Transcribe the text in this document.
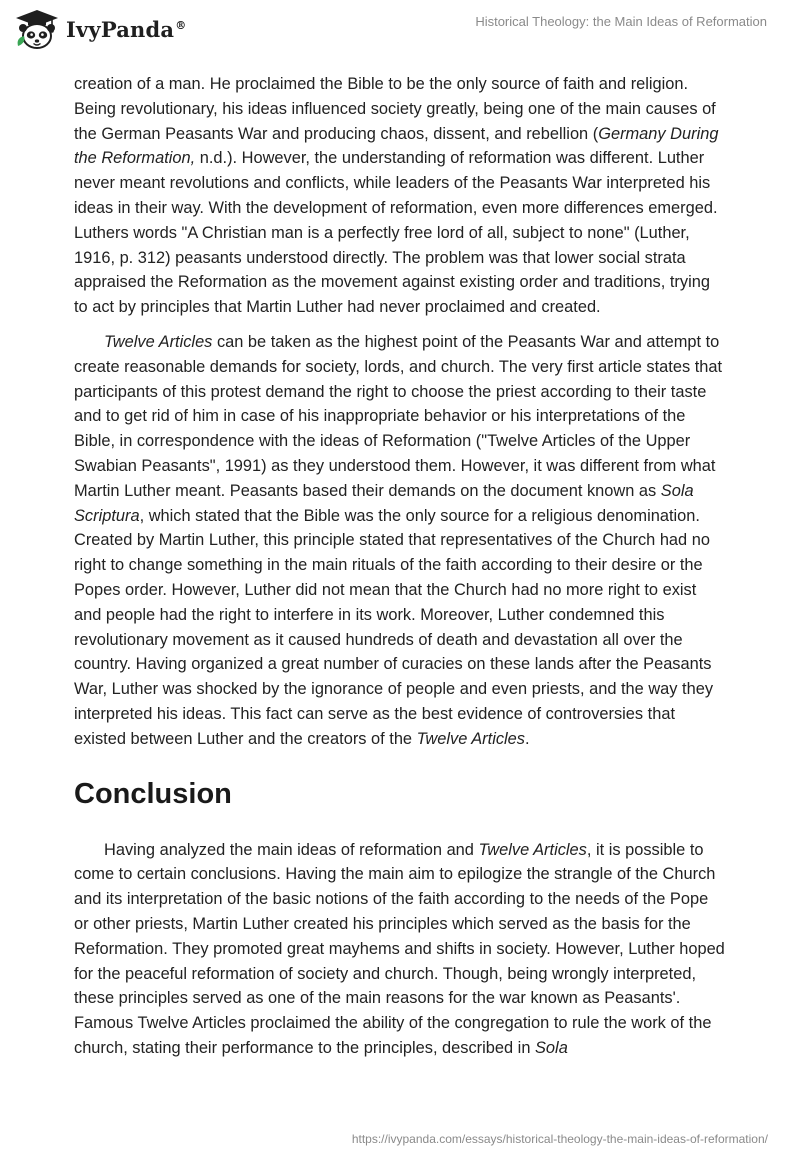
IvyPanda®	Historical Theology: the Main Ideas of Reformation

creation of a man. He proclaimed the Bible to be the only source of faith and religion. Being revolutionary, his ideas influenced society greatly, being one of the main causes of the German Peasants War and producing chaos, dissent, and rebellion (Germany During the Reformation, n.d.). However, the understanding of reformation was different. Luther never meant revolutions and conflicts, while leaders of the Peasants War interpreted his ideas in their way. With the development of reformation, even more differences emerged. Luthers words "A Christian man is a perfectly free lord of all, subject to none" (Luther, 1916, p. 312) peasants understood directly. The problem was that lower social strata appraised the Reformation as the movement against existing order and traditions, trying to act by principles that Martin Luther had never proclaimed and created.

Twelve Articles can be taken as the highest point of the Peasants War and attempt to create reasonable demands for society, lords, and church. The very first article states that participants of this protest demand the right to choose the priest according to their taste and to get rid of him in case of his inappropriate behavior or his interpretations of the Bible, in correspondence with the ideas of Reformation ("Twelve Articles of the Upper Swabian Peasants", 1991) as they understood them. However, it was different from what Martin Luther meant. Peasants based their demands on the document known as Sola Scriptura, which stated that the Bible was the only source for a religious denomination. Created by Martin Luther, this principle stated that representatives of the Church had no right to change something in the main rituals of the faith according to their desire or the Popes order. However, Luther did not mean that the Church had no more right to exist and people had the right to interfere in its work. Moreover, Luther condemned this revolutionary movement as it caused hundreds of death and devastation all over the country. Having organized a great number of curacies on these lands after the Peasants War, Luther was shocked by the ignorance of people and even priests, and the way they interpreted his ideas. This fact can serve as the best evidence of controversies that existed between Luther and the creators of the Twelve Articles.

Conclusion

Having analyzed the main ideas of reformation and Twelve Articles, it is possible to come to certain conclusions. Having the main aim to epilogize the strangle of the Church and its interpretation of the basic notions of the faith according to the needs of the Pope or other priests, Martin Luther created his principles which served as the basis for the Reformation. They promoted great mayhems and shifts in society. However, Luther hoped for the peaceful reformation of society and church. Though, being wrongly interpreted, these principles served as one of the main reasons for the war known as Peasants'. Famous Twelve Articles proclaimed the ability of the congregation to rule the work of the church, stating their performance to the principles, described in Sola

https://ivypanda.com/essays/historical-theology-the-main-ideas-of-reformation/
